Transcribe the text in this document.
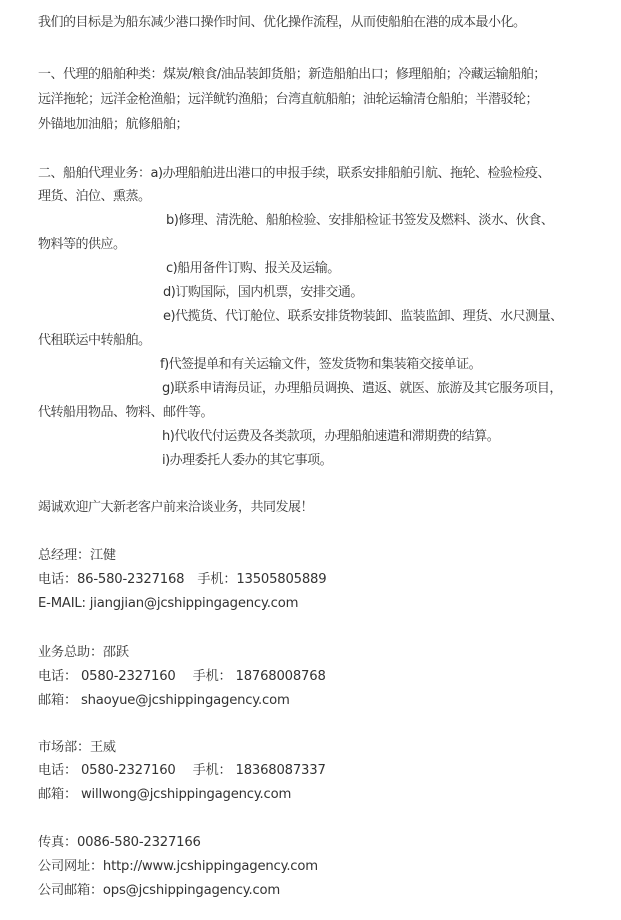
我们的目标是为船东减少港口操作时间、优化操作流程，从而使船舶在港的成本最小化。
一、代理的船舶种类：煤炭/粮食/油品装卸货船；新造船舶出口；修理船舶；冷藏运输船舶；
远洋拖轮；远洋金枪渔船；远洋鱿钓渔船；台湾直航船舶；油轮运输清仓船舶；半潜驳轮；
外锚地加油船；航修船舶；
二、船舶代理业务：a)办理船舶进出港口的申报手续，联系安排船舶引航、拖轮、检验检疫、
理货、泊位、熏蒸。
b)修理、清洗舱、船舶检验、安排船检证书签发及燃料、淡水、伙食、
物料等的供应。
c)船用备件订购、报关及运输。
d)订购国际，国内机票，安排交通。
e)代揽货、代订舱位、联系安排货物装卸、监装监卸、理货、水尺测量、
代租联运中转船舶。
f)代签提单和有关运输文件，签发货物和集装箱交接单证。
g)联系申请海员证，办理船员调换、遣返、就医、旅游及其它服务项目，
代转船用物品、物料、邮件等。
h)代收代付运费及各类款项，办理船舶速遣和滞期费的结算。
i)办理委托人委办的其它事项。
竭诚欢迎广大新老客户前来洽谈业务，共同发展！
总经理：江健
电话：86-580-2327168　手机：13505805889
E-MAIL: jiangjian@jcshippingagency.com
业务总助：邵跃
电话： 0580-2327160　 手机： 18768008768
邮箱： shaoyue@jcshippingagency.com
市场部：王威
电话： 0580-2327160　 手机： 18368087337
邮箱： willwong@jcshippingagency.com
传真：0086-580-2327166
公司网址：http://www.jcshippingagency.com
公司邮箱：ops@jcshippingagency.com
